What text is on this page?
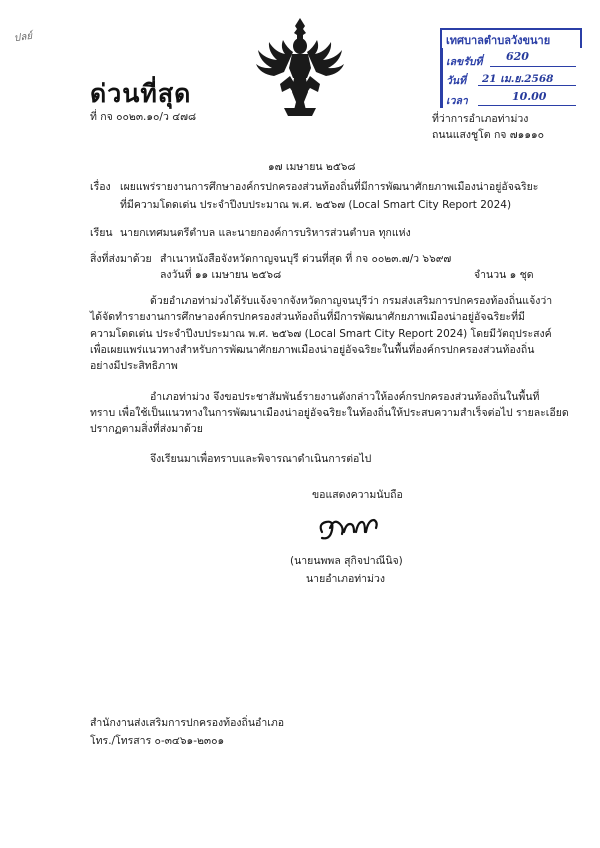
ปลย์
ด่วนที่สุด
ที่ กจ ๐๐๒๓.๑๐/ว ๔๗๘
เทศบาลตำบลวังขนาย
เลขรับที่ 620
วันที่ 21 เม.ย.2568
เวลา	10.00
ที่ว่าการอำเภอท่าม่วง
ถนนแสงชูโต กจ ๗๑๑๑๐
๑๗ เมษายน ๒๕๖๘
เรื่อง เผยแพร่รายงานการศึกษาองค์กรปกครองส่วนท้องถิ่นที่มีการพัฒนาศักยภาพเมืองน่าอยู่อัจฉริยะ
ที่มีความโดดเด่น ประจำปีงบประมาณ พ.ศ. ๒๕๖๗ (Local Smart City Report 2024)
เรียน นายกเทศมนตรีตำบล และนายกองค์การบริหารส่วนตำบล ทุกแห่ง
สิ่งที่ส่งมาด้วย สำเนาหนังสือจังหวัดกาญจนบุรี ด่วนที่สุด ที่ กจ ๐๐๒๓.๗/ว ๖๖๙๗
ลงวันที่ ๑๑ เมษายน ๒๕๖๘	จำนวน ๑ ชุด
ด้วยอำเภอท่าม่วงได้รับแจ้งจากจังหวัดกาญจนบุรีว่า กรมส่งเสริมการปกครองท้องถิ่นแจ้งว่า
ได้จัดทำรายงานการศึกษาองค์กรปกครองส่วนท้องถิ่นที่มีการพัฒนาศักยภาพเมืองน่าอยู่อัจฉริยะที่มี
ความโดดเด่น ประจำปีงบประมาณ พ.ศ. ๒๕๖๗ (Local Smart City Report 2024) โดยมีวัตถุประสงค์
เพื่อเผยแพร่แนวทางสำหรับการพัฒนาศักยภาพเมืองน่าอยู่อัจฉริยะในพื้นที่องค์กรปกครองส่วนท้องถิ่น
อย่างมีประสิทธิภาพ
อำเภอท่าม่วง จึงขอประชาสัมพันธ์รายงานดังกล่าวให้องค์กรปกครองส่วนท้องถิ่นในพื้นที่
ทราบ เพื่อใช้เป็นแนวทางในการพัฒนาเมืองน่าอยู่อัจฉริยะในท้องถิ่นให้ประสบความสำเร็จต่อไป รายละเอียด
ปรากฏตามสิ่งที่ส่งมาด้วย
จึงเรียนมาเพื่อทราบและพิจารณาดำเนินการต่อไป
ขอแสดงความนับถือ
(นายนพพล สุกิจปาณีนิจ)
นายอำเภอท่าม่วง
สำนักงานส่งเสริมการปกครองท้องถิ่นอำเภอ
โทร./โทรสาร ๐-๓๔๖๑-๒๓๐๑
